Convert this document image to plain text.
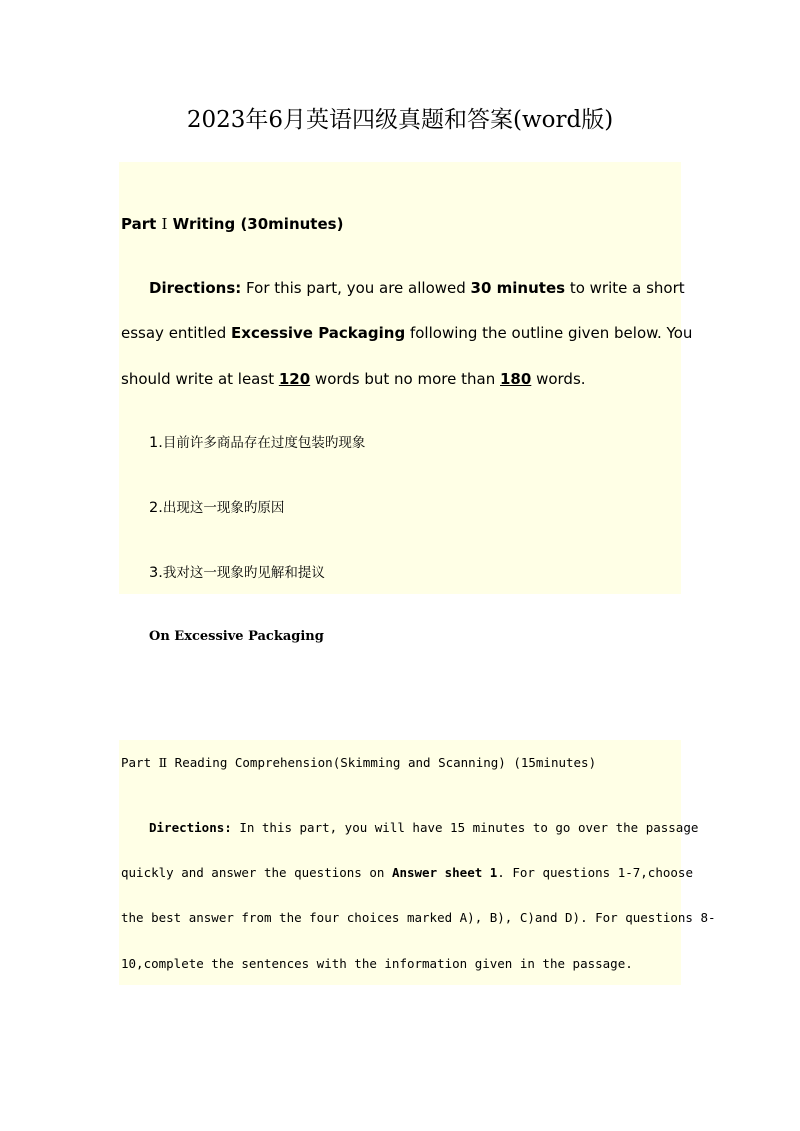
2023年6月英语四级真题和答案(word版)
Part Ⅰ Writing (30minutes)
Directions: For this part, you are allowed 30 minutes to write a short
essay entitled Excessive Packaging following the outline given below. You
should write at least 120 words but no more than 180 words.
1.目前许多商品存在过度包装旳现象
2.出现这一现象旳原因
3.我对这一现象旳见解和提议
On Excessive Packaging
Part Ⅱ Reading Comprehension(Skimming and Scanning) (15minutes)
Directions: In this part, you will have 15 minutes to go over the passage
quickly and answer the questions on Answer sheet 1. For questions 1-7,choose
the best answer from the four choices marked A), B), C)and D). For questions 8-
10,complete the sentences with the information given in the passage.
